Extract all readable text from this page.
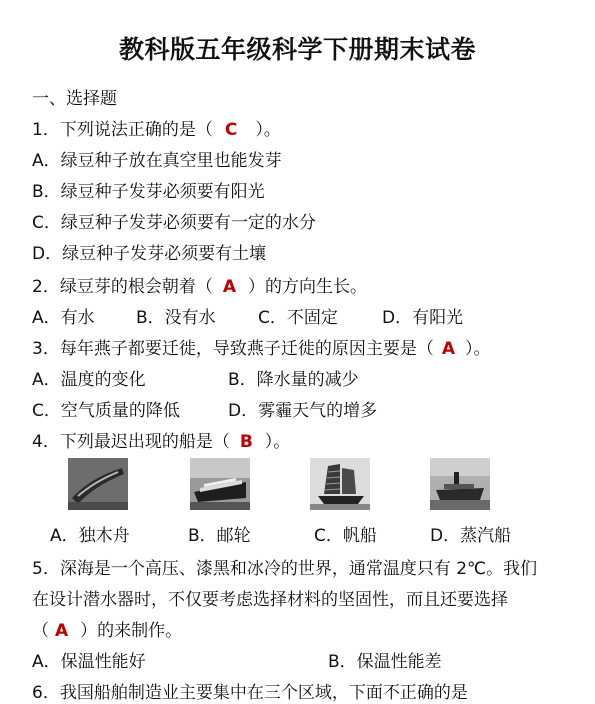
教科版五年级科学下册期末试卷
一、选择题
1．下列说法正确的是（ C ）。
A．绿豆种子放在真空里也能发芽
B．绿豆种子发芽必须要有阳光
C．绿豆种子发芽必须要有一定的水分
D．绿豆种子发芽必须要有土壤
2．绿豆芽的根会朝着（ A ）的方向生长。
A．有水 B．没有水 C．不固定	D．有阳光
3．每年燕子都要迁徙，导致燕子迁徙的原因主要是（ A ）。
A．温度的变化	B．降水量的减少
C．空气质量的降低	D．雾霾天气的增多
4．下列最迟出现的船是（ B ）。
A．独木舟	B．邮轮	C．帆船	D．蒸汽船
5．深海是一个高压、漆黑和冰冷的世界，通常温度只有 2℃。我们
在设计潜水器时，不仅要考虑选择材料的坚固性，而且还要选择
（ A ）的来制作。
A．保温性能好	B．保温性能差
6．我国船舶制造业主要集中在三个区域，下面不正确的是
